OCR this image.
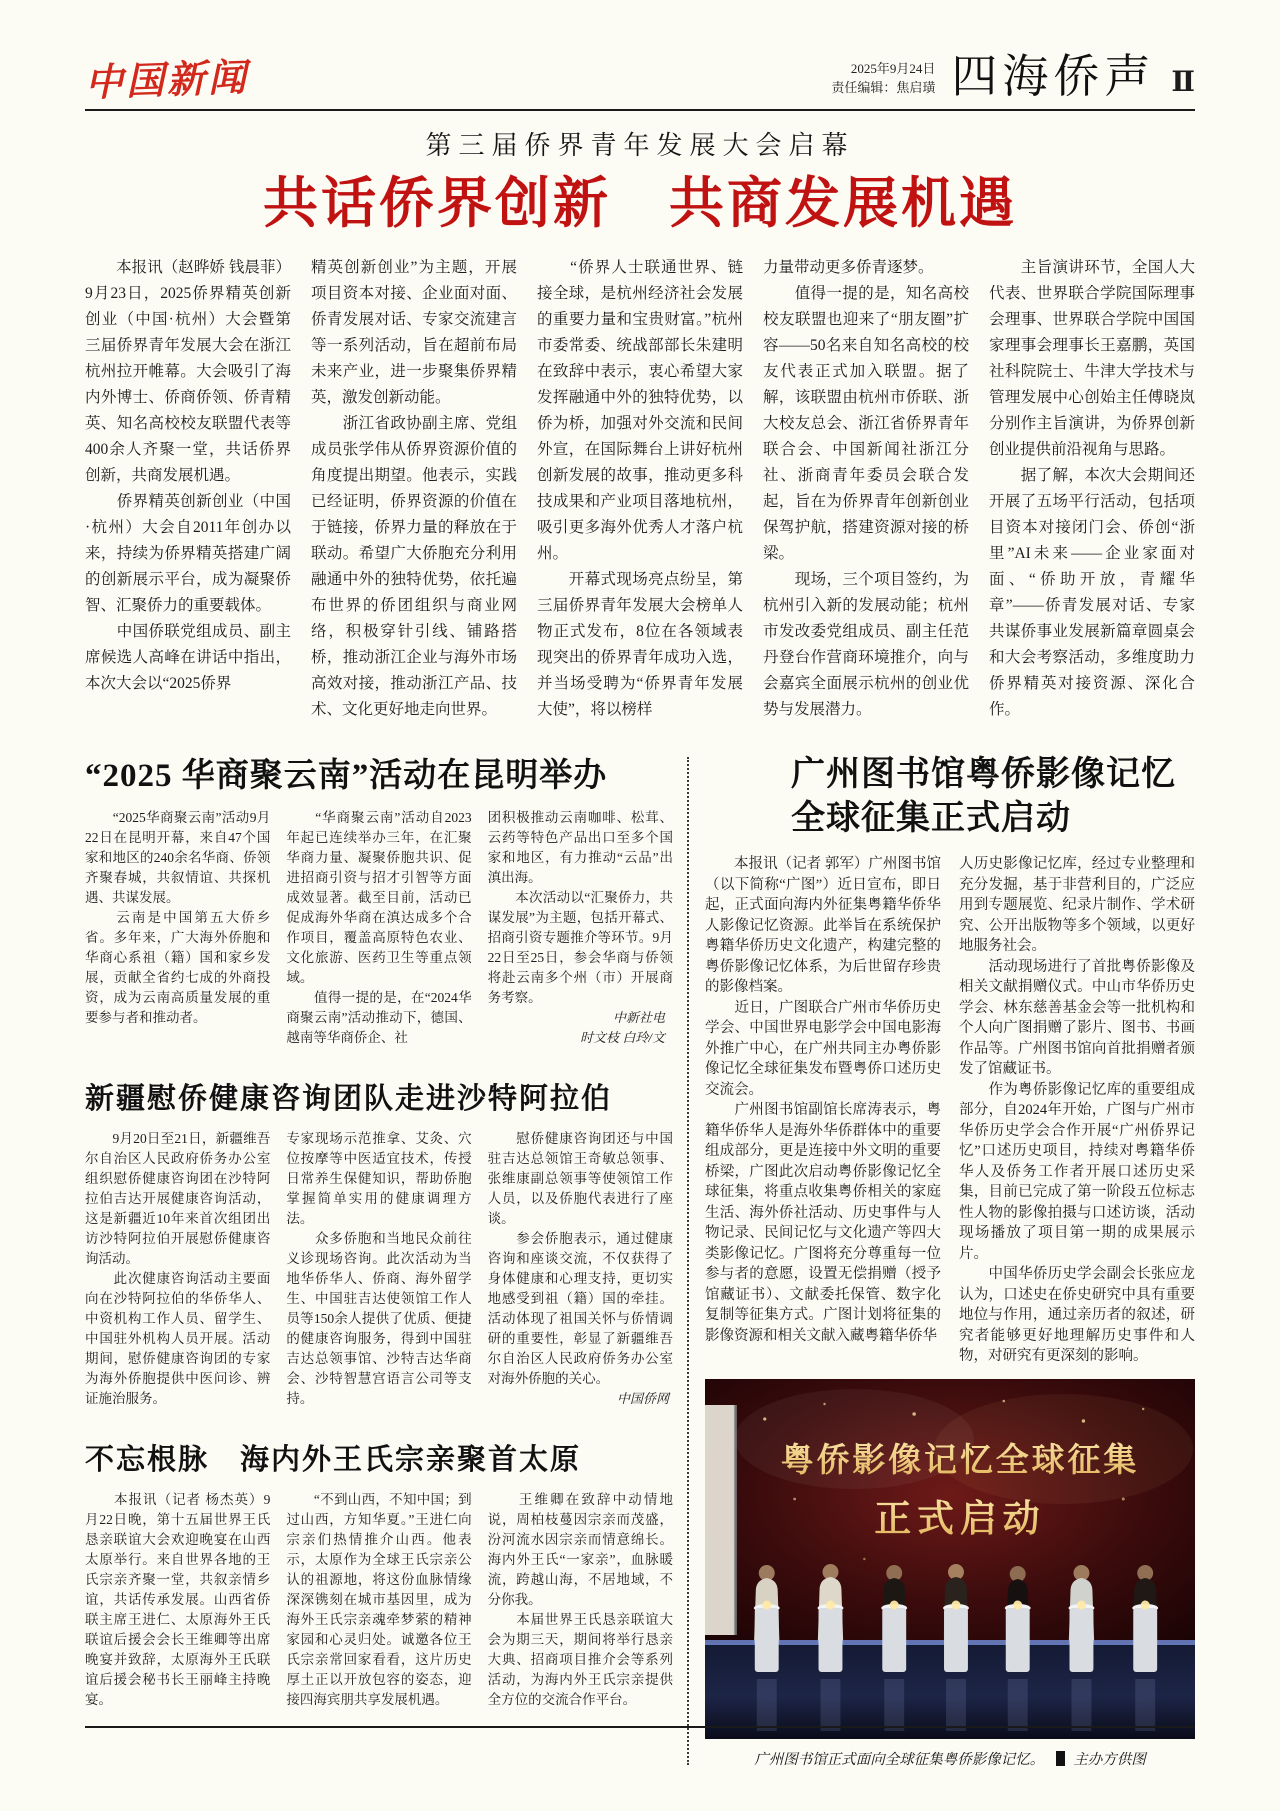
中国新闻	2025年9月24日
责任编辑：焦启璜 四海侨声 Ⅱ
第三届侨界青年发展大会启幕
共话侨界创新　共商发展机遇

　　本报讯（赵晔娇 钱晨菲）9月23日，2025侨界精英创新创业（中国·杭州）大会暨第三届侨界青年发展大会在浙江杭州拉开帷幕。大会吸引了海内外博士、侨商侨领、侨青精英、知名高校校友联盟代表等400余人齐聚一堂，共话侨界创新，共商发展机遇。

　　侨界精英创新创业（中国·杭州）大会自2011年创办以来，持续为侨界精英搭建广阔的创新展示平台，成为凝聚侨智、汇聚侨力的重要载体。

　　中国侨联党组成员、副主席候选人高峰在讲话中指出，本次大会以“2025侨界

精英创新创业”为主题，开展项目资本对接、企业面对面、侨青发展对话、专家交流建言等一系列活动，旨在超前布局未来产业，进一步聚集侨界精英，激发创新动能。

　　浙江省政协副主席、党组成员张学伟从侨界资源价值的角度提出期望。他表示，实践已经证明，侨界资源的价值在于链接，侨界力量的释放在于联动。希望广大侨胞充分利用融通中外的独特优势，依托遍布世界的侨团组织与商业网络，积极穿针引线、铺路搭桥，推动浙江企业与海外市场高效对接，推动浙江产品、技术、文化更好地走向世界。

　　“侨界人士联通世界、链接全球，是杭州经济社会发展的重要力量和宝贵财富。”杭州市委常委、统战部部长朱建明在致辞中表示，衷心希望大家发挥融通中外的独特优势，以侨为桥，加强对外交流和民间外宣，在国际舞台上讲好杭州创新发展的故事，推动更多科技成果和产业项目落地杭州，吸引更多海外优秀人才落户杭州。

　　开幕式现场亮点纷呈，第三届侨界青年发展大会榜单人物正式发布，8位在各领域表现突出的侨界青年成功入选，并当场受聘为“侨界青年发展大使”，将以榜样

力量带动更多侨青逐梦。

　　值得一提的是，知名高校校友联盟也迎来了“朋友圈”扩容——50名来自知名高校的校友代表正式加入联盟。据了解，该联盟由杭州市侨联、浙大校友总会、浙江省侨界青年联合会、中国新闻社浙江分社、浙商青年委员会联合发起，旨在为侨界青年创新创业保驾护航，搭建资源对接的桥梁。

　　现场，三个项目签约，为杭州引入新的发展动能；杭州市发改委党组成员、副主任范丹登台作营商环境推介，向与会嘉宾全面展示杭州的创业优势与发展潜力。

　　主旨演讲环节，全国人大代表、世界联合学院国际理事会理事、世界联合学院中国国家理事会理事长王嘉鹏，英国社科院院士、牛津大学技术与管理发展中心创始主任傅晓岚分别作主旨演讲，为侨界创新创业提供前沿视角与思路。

　　据了解，本次大会期间还开展了五场平行活动，包括项目资本对接闭门会、侨创“浙里”AI未来——企业家面对面、“侨助开放，青耀华章”——侨青发展对话、专家共谋侨事业发展新篇章圆桌会和大会考察活动，多维度助力侨界精英对接资源、深化合作。

“2025 华商聚云南”活动在昆明举办

　　“2025华商聚云南”活动9月22日在昆明开幕，来自47个国家和地区的240余名华商、侨领齐聚春城，共叙情谊、共探机遇、共谋发展。

　　云南是中国第五大侨乡省。多年来，广大海外侨胞和华商心系祖（籍）国和家乡发展，贡献全省约七成的外商投资，成为云南高质量发展的重要参与者和推动者。

　　“华商聚云南”活动自2023年起已连续举办三年，在汇聚华商力量、凝聚侨胞共识、促进招商引资与招才引智等方面成效显著。截至目前，活动已促成海外华商在滇达成多个合作项目，覆盖高原特色农业、文化旅游、医药卫生等重点领域。

　　值得一提的是，在“2024华商聚云南”活动推动下，德国、越南等华商侨企、社

团积极推动云南咖啡、松茸、云药等特色产品出口至多个国家和地区，有力推动“云品”出滇出海。

　　本次活动以“汇聚侨力，共谋发展”为主题，包括开幕式、招商引资专题推介等环节。9月22日至25日，参会华商与侨领将赴云南多个州（市）开展商务考察。

中新社电
时文枝 白玲/文
新疆慰侨健康咨询团队走进沙特阿拉伯

　　9月20日至21日，新疆维吾尔自治区人民政府侨务办公室组织慰侨健康咨询团在沙特阿拉伯吉达开展健康咨询活动，这是新疆近10年来首次组团出访沙特阿拉伯开展慰侨健康咨询活动。

　　此次健康咨询活动主要面向在沙特阿拉伯的华侨华人、中资机构工作人员、留学生、中国驻外机构人员开展。活动期间，慰侨健康咨询团的专家为海外侨胞提供中医问诊、辨证施治服务。

专家现场示范推拿、艾灸、穴位按摩等中医适宜技术，传授日常养生保健知识，帮助侨胞掌握简单实用的健康调理方法。

　　众多侨胞和当地民众前往义诊现场咨询。此次活动为当地华侨华人、侨商、海外留学生、中国驻吉达使领馆工作人员等150余人提供了优质、便捷的健康咨询服务，得到中国驻吉达总领事馆、沙特吉达华商会、沙特智慧宫语言公司等支持。

　　慰侨健康咨询团还与中国驻吉达总领馆王奇敏总领事、张维康副总领事等使领馆工作人员，以及侨胞代表进行了座谈。

　　参会侨胞表示，通过健康咨询和座谈交流，不仅获得了身体健康和心理支持，更切实地感受到祖（籍）国的牵挂。活动体现了祖国关怀与侨情调研的重要性，彰显了新疆维吾尔自治区人民政府侨务办公室对海外侨胞的关心。

中国侨网
不忘根脉　海内外王氏宗亲聚首太原

　　本报讯（记者 杨杰英）9月22日晚，第十五届世界王氏恳亲联谊大会欢迎晚宴在山西太原举行。来自世界各地的王氏宗亲齐聚一堂，共叙亲情乡谊，共话传承发展。山西省侨联主席王进仁、太原海外王氏联谊后援会会长王维卿等出席晚宴并致辞，太原海外王氏联谊后援会秘书长王丽峰主持晚宴。

　　“不到山西，不知中国；到过山西，方知华夏。”王进仁向宗亲们热情推介山西。他表示，太原作为全球王氏宗亲公认的祖源地，将这份血脉情缘深深镌刻在城市基因里，成为海外王氏宗亲魂牵梦萦的精神家园和心灵归处。诚邀各位王氏宗亲常回家看看，这片历史厚土正以开放包容的姿态，迎接四海宾朋共享发展机遇。

　　王维卿在致辞中动情地说，周柏枝蔓因宗亲而茂盛，汾河流水因宗亲而情意绵长。海内外王氏“一家亲”，血脉暖流，跨越山海，不居地域，不分你我。

　　本届世界王氏恳亲联谊大会为期三天，期间将举行恳亲大典、招商项目推介会等系列活动，为海内外王氏宗亲提供全方位的交流合作平台。

广州图书馆粤侨影像记忆
全球征集正式启动

　　本报讯（记者 郭军）广州图书馆（以下简称“广图”）近日宣布，即日起，正式面向海内外征集粤籍华侨华人影像记忆资源。此举旨在系统保护粤籍华侨历史文化遗产，构建完整的粤侨影像记忆体系，为后世留存珍贵的影像档案。

　　近日，广图联合广州市华侨历史学会、中国世界电影学会中国电影海外推广中心，在广州共同主办粤侨影像记忆全球征集发布暨粤侨口述历史交流会。

　　广州图书馆副馆长席涛表示，粤籍华侨华人是海外华侨群体中的重要组成部分，更是连接中外文明的重要桥梁，广图此次启动粤侨影像记忆全球征集，将重点收集粤侨相关的家庭生活、海外侨社活动、历史事件与人物记录、民间记忆与文化遗产等四大类影像记忆。广图将充分尊重每一位参与者的意愿，设置无偿捐赠（授予馆藏证书）、文献委托保管、数字化复制等征集方式。广图计划将征集的影像资源和相关文献入藏粤籍华侨华

人历史影像记忆库，经过专业整理和充分发掘，基于非营利目的，广泛应用到专题展览、纪录片制作、学术研究、公开出版物等多个领域，以更好地服务社会。

　　活动现场进行了首批粤侨影像及相关文献捐赠仪式。中山市华侨历史学会、林东慈善基金会等一批机构和个人向广图捐赠了影片、图书、书画作品等。广州图书馆向首批捐赠者颁发了馆藏证书。

　　作为粤侨影像记忆库的重要组成部分，自2024年开始，广图与广州市华侨历史学会合作开展“广州侨界记忆”口述历史项目，持续对粤籍华侨华人及侨务工作者开展口述历史采集，目前已完成了第一阶段五位标志性人物的影像拍摄与口述访谈，活动现场播放了项目第一期的成果展示片。

　　中国华侨历史学会副会长张应龙认为，口述史在侨史研究中具有重要地位与作用，通过亲历者的叙述，研究者能够更好地理解历史事件和人物，对研究有更深刻的影响。

粤侨影像记忆全球征集
正式启动
广州图书馆正式面向全球征集粤侨影像记忆。 主办方供图
